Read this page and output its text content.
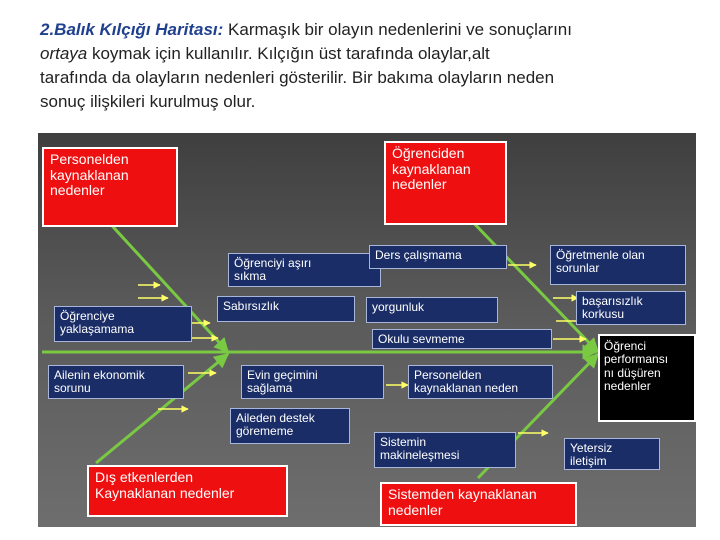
2.Balık Kılçığı Haritası: Karmaşık bir olayın nedenlerini ve sonuçlarını
ortaya koymak için kullanılır. Kılçığın üst tarafında olaylar,alt
tarafında da olayların nedenleri gösterilir. Bir bakıma olayların neden
sonuç ilişkileri kurulmuş olur.
Personelden
kaynaklanan
nedenler
Öğrenciden
kaynaklanan
nedenler
Dış etkenlerden
Kaynaklanan nedenler	Sistemden kaynaklanan
nedenler
Öğrenciyi aşırı
sıkma
Ders çalışmama	Öğretmenle olan
sorunlar
Öğrenciye
yaklaşamama
Sabırsızlık	yorgunluk	başarısızlık
korkusu
Okulu sevmeme
Ailenin ekonomik
sorunu
Evin geçimini
sağlama
Personelden
kaynaklanan neden
Aileden destek
görememe
Sistemin
makineleşmesi
Yetersiz
iletişim
Öğrenci
performansı
nı düşüren
nedenler
